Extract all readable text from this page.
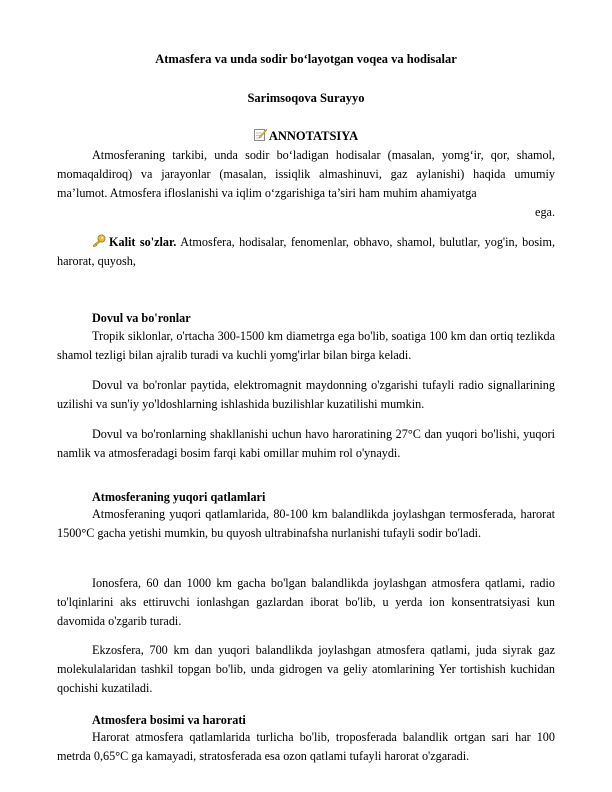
Atmasfera va unda sodir bo‘layotgan voqea va hodisalar
Sarimsoqova Surayyo
ANNOTATSIYA
Atmosferaning tarkibi, unda sodir bo‘ladigan hodisalar (masalan, yomg‘ir, qor, shamol, momaqaldiroq) va jarayonlar (masalan, issiqlik almashinuvi, gaz aylanishi) haqida umumiy ma’lumot. Atmosfera ifloslanishi va iqlim o‘zgarishiga ta’siri ham muhim ahamiyatga
ega.
Kalit so'zlar. Atmosfera, hodisalar, fenomenlar, obhavo, shamol, bulutlar, yog'in, bosim, harorat, quyosh,
Dovul va bo'ronlar
Tropik siklonlar, o'rtacha 300-1500 km diametrga ega bo'lib, soatiga 100 km dan ortiq tezlikda shamol tezligi bilan ajralib turadi va kuchli yomg'irlar bilan birga keladi.
Dovul va bo'ronlar paytida, elektromagnit maydonning o'zgarishi tufayli radio signallarining uzilishi va sun'iy yo'ldoshlarning ishlashida buzilishlar kuzatilishi mumkin.
Dovul va bo'ronlarning shakllanishi uchun havo haroratining 27°C dan yuqori bo'lishi, yuqori namlik va atmosferadagi bosim farqi kabi omillar muhim rol o'ynaydi.
Atmosferaning yuqori qatlamlari
Atmosferaning yuqori qatlamlarida, 80-100 km balandlikda joylashgan termosferada, harorat 1500°C gacha yetishi mumkin, bu quyosh ultrabinafsha nurlanishi tufayli sodir bo'ladi.
Ionosfera, 60 dan 1000 km gacha bo'lgan balandlikda joylashgan atmosfera qatlami, radio to'lqinlarini aks ettiruvchi ionlashgan gazlardan iborat bo'lib, u yerda ion konsentratsiyasi kun davomida o'zgarib turadi.
Ekzosfera, 700 km dan yuqori balandlikda joylashgan atmosfera qatlami, juda siyrak gaz molekulalaridan tashkil topgan bo'lib, unda gidrogen va geliy atomlarining Yer tortishish kuchidan qochishi kuzatiladi.
Atmosfera bosimi va harorati
Harorat atmosfera qatlamlarida turlicha bo'lib, troposferada balandlik ortgan sari har 100 metrda 0,65°C ga kamayadi, stratosferada esa ozon qatlami tufayli harorat o'zgaradi.
